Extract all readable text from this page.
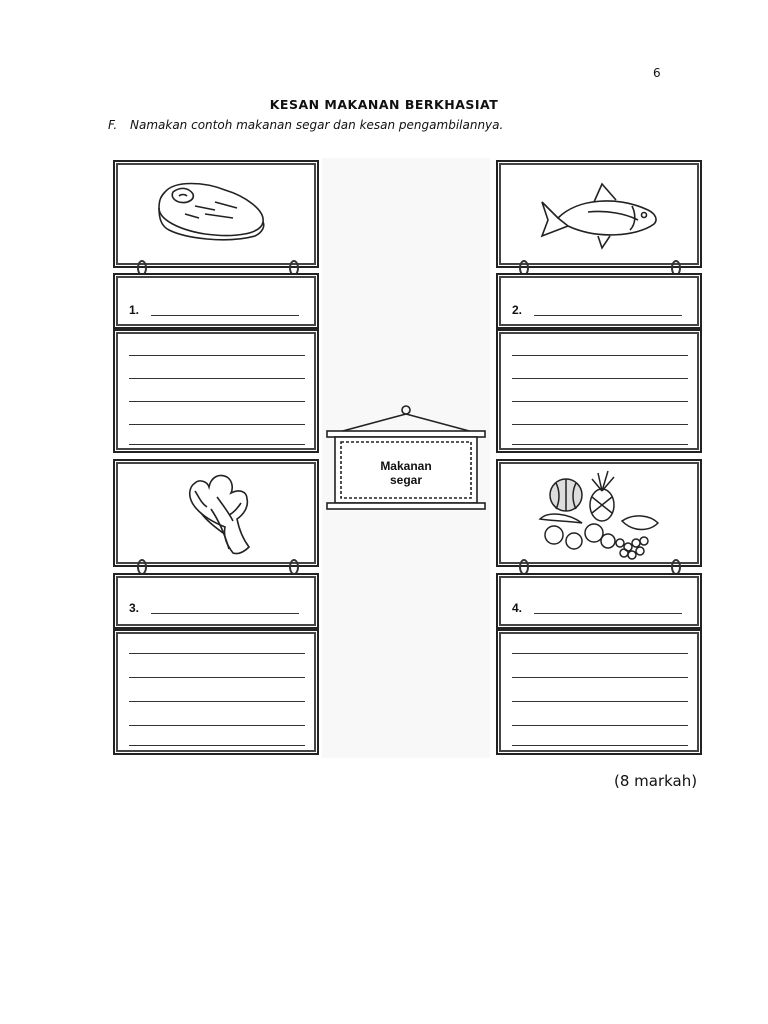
6
KESAN MAKANAN BERKHASIAT
F. Namakan contoh makanan segar dan kesan pengambilannya.
1.
3.
2.
4.
Makanan
segar
(8 markah)
